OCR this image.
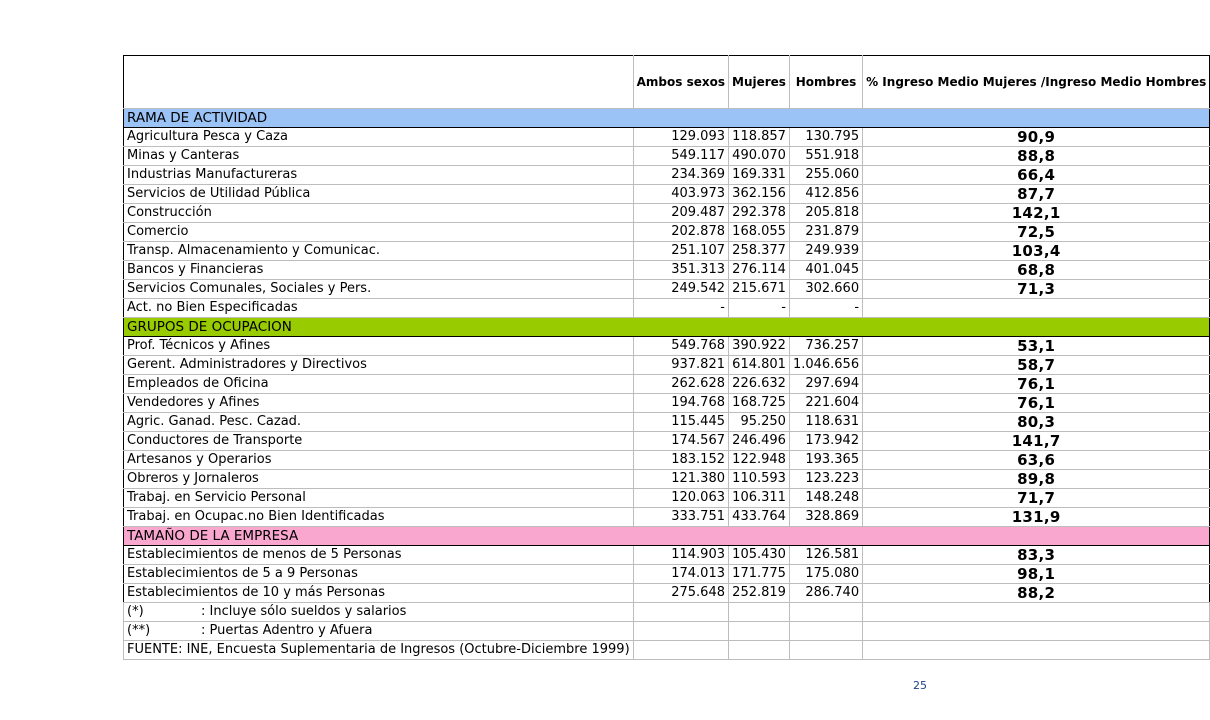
	Ambos sexos	Mujeres	Hombres	% Ingreso Medio Mujeres /Ingreso Medio Hombres
RAMA DE ACTIVIDAD				
Agricultura Pesca y Caza	129.093	118.857	130.795	90,9
Minas y Canteras	549.117	490.070	551.918	88,8
Industrias Manufactureras	234.369	169.331	255.060	66,4
Servicios de Utilidad Pública	403.973	362.156	412.856	87,7
Construcción	209.487	292.378	205.818	142,1
Comercio	202.878	168.055	231.879	72,5
Transp. Almacenamiento y Comunicac.	251.107	258.377	249.939	103,4
Bancos y Financieras	351.313	276.114	401.045	68,8
Servicios Comunales, Sociales y Pers.	249.542	215.671	302.660	71,3
Act. no Bien Especificadas	-	-	-	
GRUPOS DE OCUPACION				
Prof. Técnicos y Afines	549.768	390.922	736.257	53,1
Gerent. Administradores y Directivos	937.821	614.801	1.046.656	58,7
Empleados de Oficina	262.628	226.632	297.694	76,1
Vendedores y Afines	194.768	168.725	221.604	76,1
Agric. Ganad. Pesc. Cazad.	115.445	95.250	118.631	80,3
Conductores de Transporte	174.567	246.496	173.942	141,7
Artesanos y Operarios	183.152	122.948	193.365	63,6
Obreros y Jornaleros	121.380	110.593	123.223	89,8
Trabaj. en Servicio Personal	120.063	106.311	148.248	71,7
Trabaj. en Ocupac.no Bien Identificadas	333.751	433.764	328.869	131,9
TAMAÑO DE LA EMPRESA				
Establecimientos de menos de 5 Personas	114.903	105.430	126.581	83,3
Establecimientos de 5 a 9 Personas	174.013	171.775	175.080	98,1
Establecimientos de 10 y más Personas	275.648	252.819	286.740	88,2
(*) : Incluye sólo sueldos y salarios				
(**) : Puertas Adentro y Afuera				
FUENTE: INE, Encuesta Suplementaria de Ingresos (Octubre-Diciembre 1999)				
25
